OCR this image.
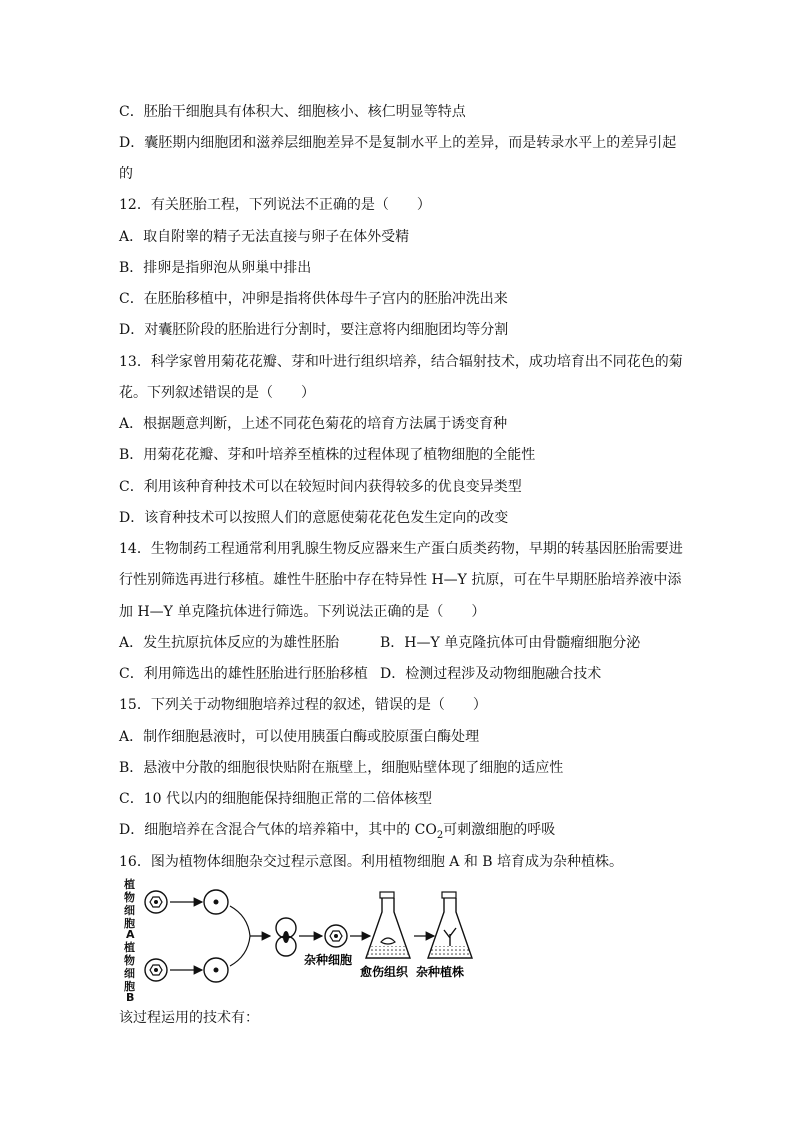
C．胚胎干细胞具有体积大、细胞核小、核仁明显等特点
D．囊胚期内细胞团和滋养层细胞差异不是复制水平上的差异，而是转录水平上的差异引起
的
12．有关胚胎工程，下列说法不正确的是（　　）
A．取自附睾的精子无法直接与卵子在体外受精
B．排卵是指卵泡从卵巢中排出
C．在胚胎移植中，冲卵是指将供体母牛子宫内的胚胎冲洗出来
D．对囊胚阶段的胚胎进行分割时，要注意将内细胞团均等分割
13．科学家曾用菊花花瓣、芽和叶进行组织培养，结合辐射技术，成功培育出不同花色的菊
花。下列叙述错误的是（　　）
A．根据题意判断，上述不同花色菊花的培育方法属于诱变育种
B．用菊花花瓣、芽和叶培养至植株的过程体现了植物细胞的全能性
C．利用该种育种技术可以在较短时间内获得较多的优良变异类型
D．该育种技术可以按照人们的意愿使菊花花色发生定向的改变
14．生物制药工程通常利用乳腺生物反应器来生产蛋白质类药物，早期的转基因胚胎需要进
行性别筛选再进行移植。雄性牛胚胎中存在特异性 H—Y 抗原，可在牛早期胚胎培养液中添
加 H—Y 单克隆抗体进行筛选。下列说法正确的是（　　）
A．发生抗原抗体反应的为雄性胚胎	B．H—Y 单克隆抗体可由骨髓瘤细胞分泌
C．利用筛选出的雄性胚胎进行胚胎移植 D．检测过程涉及动物细胞融合技术
15．下列关于动物细胞培养过程的叙述，错误的是（　　）
A．制作细胞悬液时，可以使用胰蛋白酶或胶原蛋白酶处理
B．悬液中分散的细胞很快贴附在瓶壁上，细胞贴壁体现了细胞的适应性
C．10 代以内的细胞能保持细胞正常的二倍体核型
D．细胞培养在含混合气体的培养箱中，其中的 $CO_2$可刺激细胞的呼吸
16．图为植物体细胞杂交过程示意图。利用植物细胞 A 和 B 培育成为杂种植株。
植
物
细
胞
A
植
物
细
胞
B
杂种细胞
愈伤组织 杂种植株
该过程运用的技术有：
